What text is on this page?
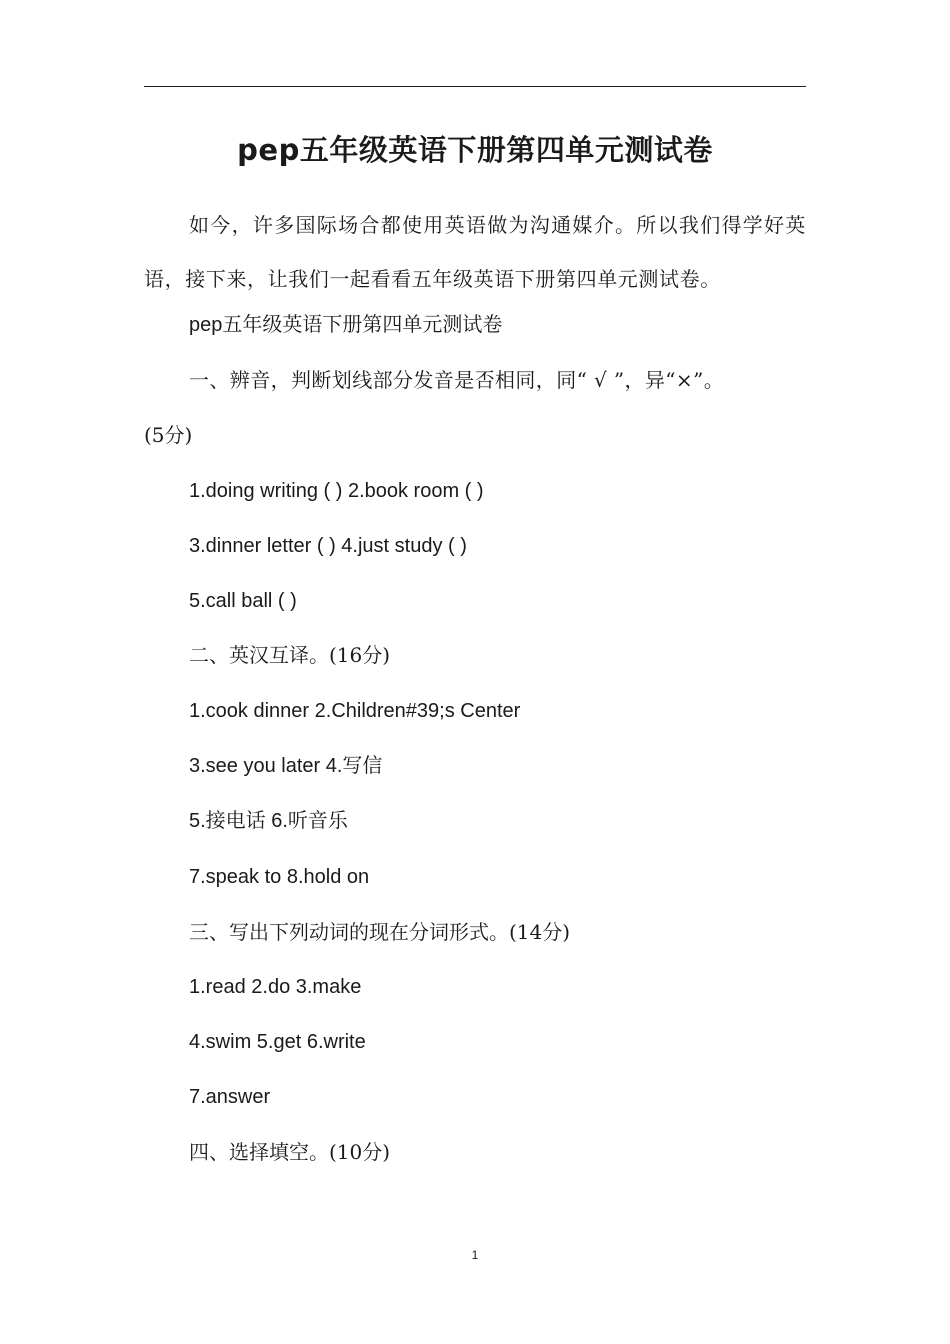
pep五年级英语下册第四单元测试卷
如今，许多国际场合都使用英语做为沟通媒介。所以我们得学好英语，接下来，让我们一起看看五年级英语下册第四单元测试卷。
pep五年级英语下册第四单元测试卷
一、辨音，判断划线部分发音是否相同，同“ √ ”，异“×”。
(5分)
1.doing writing ( ) 2.book room ( )
3.dinner letter ( ) 4.just study ( )
5.call ball ( )
二、英汉互译。(16分)
1.cook dinner 2.Children#39;s Center
3.see you later 4.写信
5.接电话 6.听音乐
7.speak to 8.hold on
三、写出下列动词的现在分词形式。(14分)
1.read 2.do 3.make
4.swim 5.get 6.write
7.answer
四、选择填空。(10分)
1
